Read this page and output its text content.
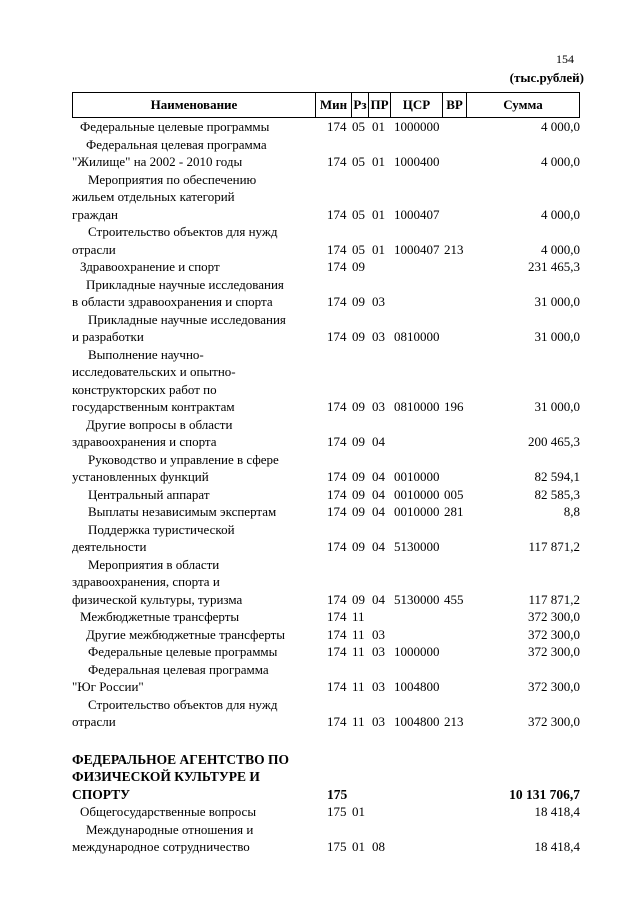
154
(тыс.рублей)
Наименование	Мин Рз ПР	ЦСР	ВР	Сумма
Федеральные целевые программы	174 05 01 1000000	4 000,0
Федеральная целевая программа
"Жилище" на 2002 - 2010 годы	174 05 01 1000400	4 000,0
Мероприятия по обеспечению
жильем отдельных категорий
граждан	174 05 01 1000407	4 000,0
Строительство объектов для нужд
отрасли	174 05 01 1000407 213	4 000,0
Здравоохранение и спорт	174 09	231 465,3
Прикладные научные исследования
в области здравоохранения и спорта	174 09 03	31 000,0
Прикладные научные исследования
и разработки	174 09 03 0810000	31 000,0
Выполнение научно-
исследовательских и опытно-
конструкторских работ по
государственным контрактам	174 09 03 0810000 196	31 000,0
Другие вопросы в области
здравоохранения и спорта	174 09 04	200 465,3
Руководство и управление в сфере
установленных функций	174 09 04 0010000	82 594,1
Центральный аппарат	174 09 04 0010000 005	82 585,3
Выплаты независимым экспертам	174 09 04 0010000 281	8,8
Поддержка туристической
деятельности	174 09 04 5130000	117 871,2
Мероприятия в области
здравоохранения, спорта и
физической культуры, туризма	174 09 04 5130000 455	117 871,2
Межбюджетные трансферты	174 11	372 300,0
Другие межбюджетные трансферты	174 11 03	372 300,0
Федеральные целевые программы	174 11 03 1000000	372 300,0
Федеральная целевая программа
"Юг России"	174 11 03 1004800	372 300,0
Строительство объектов для нужд
отрасли	174 11 03 1004800 213	372 300,0
ФЕДЕРАЛЬНОЕ АГЕНТСТВО ПО
ФИЗИЧЕСКОЙ КУЛЬТУРЕ И
СПОРТУ	175	10 131 706,7
Общегосударственные вопросы	175 01	18 418,4
Международные отношения и
международное сотрудничество	175 01 08	18 418,4
